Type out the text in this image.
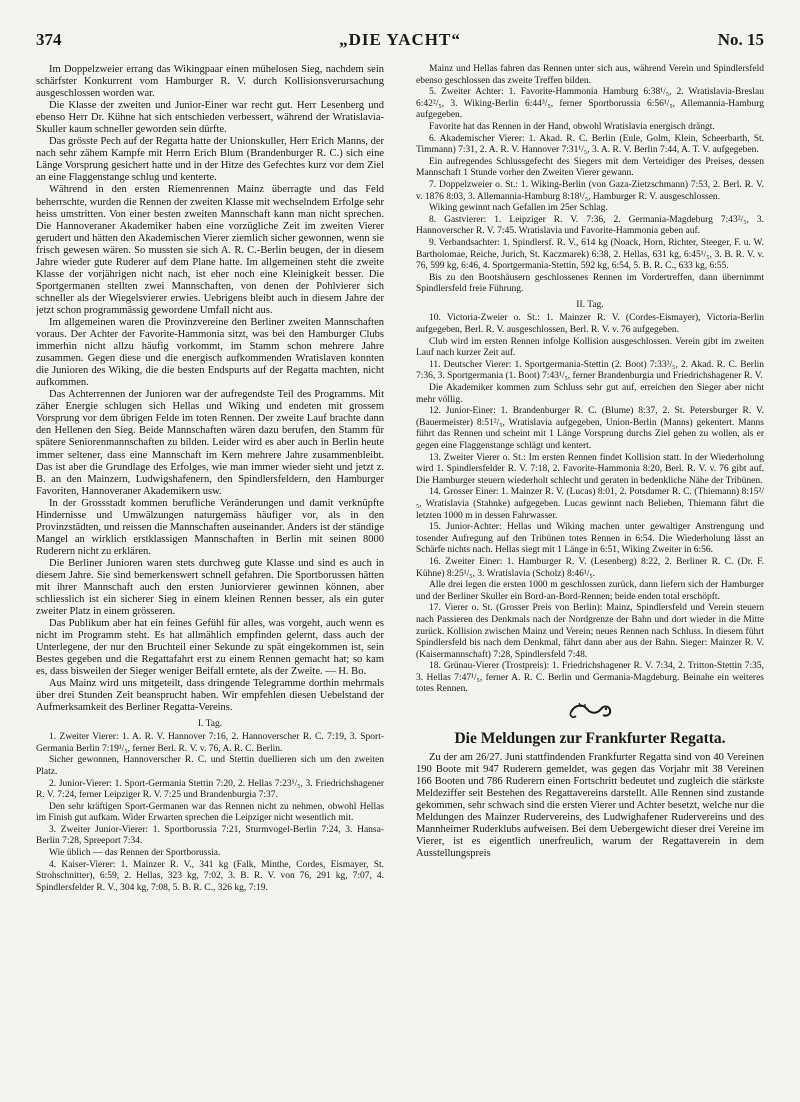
374	„DIE YACHT“	No. 15

Im Doppelzweier errang das Wikingpaar einen mühelosen Sieg, nachdem sein schärfster Konkurrent vom Hamburger R. V. durch Kollisionsverursachung ausgeschlossen worden war.

Die Klasse der zweiten und Junior-Einer war recht gut. Herr Lesenberg und ebenso Herr Dr. Kühne hat sich entschieden verbessert, während der Wratislavia-Skuller kaum schneller geworden sein dürfte.

Das grösste Pech auf der Regatta hatte der Unionskuller, Herr Erich Manns, der nach sehr zähem Kampfe mit Herrn Erich Blum (Brandenburger R. C.) sich eine Länge Vorsprung gesichert hatte und in der Hitze des Gefechtes kurz vor dem Ziel an eine Flaggenstange schlug und kenterte.

Während in den ersten Riemenrennen Mainz überragte und das Feld beherrschte, wurden die Rennen der zweiten Klasse mit wechselndem Erfolge sehr heiss umstritten. Von einer besten zweiten Mannschaft kann man nicht sprechen. Die Hannoveraner Akademiker haben eine vorzügliche Zeit im zweiten Vierer gerudert und hätten den Akademischen Vierer ziemlich sicher gewonnen, wenn sie frisch gewesen wären. So mussten sie sich A. R. C.-Berlin beugen, der in diesem Jahre wieder gute Ruderer auf dem Plane hatte. Im allgemeinen steht die zweite Klasse der vorjährigen nicht nach, ist eher noch eine Kleinigkeit besser. Die Sportgermanen stellten zwei Mannschaften, von denen der Pohlvierer sich schneller als der Wiegelsvierer erwies. Uebrigens bleibt auch in diesem Jahre der jetzt schon programmässig gewordene Umfall nicht aus.

Im allgemeinen waren die Provinzvereine den Berliner zweiten Mannschaften voraus. Der Achter der Favorite-Hammonia sitzt, was bei den Hamburger Clubs immerhin nicht allzu häufig vorkommt, im Stamm schon mehrere Jahre zusammen. Gegen diese und die energisch aufkommenden Wratislaven konnten die Junioren des Wiking, die die besten Endspurts auf der Regatta machten, nicht aufkommen.

Das Achterrennen der Junioren war der aufregendste Teil des Programms. Mit zäher Energie schlugen sich Hellas und Wiking und endeten mit grossem Vorsprung vor dem übrigen Felde im toten Rennen. Der zweite Lauf brachte dann den Hellenen den Sieg. Beide Mannschaften wären dazu berufen, den Stamm für spätere Seniorenmannschaften zu bilden. Leider wird es aber auch in Berlin heute immer seltener, dass eine Mannschaft im Kern mehrere Jahre zusammenbleibt. Das ist aber die Grundlage des Erfolges, wie man immer wieder sieht und jetzt z. B. an den Mainzern, Ludwigshafenern, den Spindlersfeldern, den Hamburger Favoriten, Hannoveraner Akademikern usw.

In der Grossstadt kommen berufliche Veränderungen und damit verknüpfte Hindernisse und Umwälzungen naturgemäss häufiger vor, als in den Provinzstädten, und reissen die Mannschaften auseinander. Anders ist der ständige Mangel an wirklich erstklassigen Mannschaften in Berlin mit seinen 8000 Ruderern nicht zu erklären.

Die Berliner Junioren waren stets durchweg gute Klasse und sind es auch in diesem Jahre. Sie sind bemerkenswert schnell gefahren. Die Sportborussen hätten mit ihrer Mannschaft auch den ersten Juniorvierer gewinnen können, aber schliesslich ist ein sicherer Sieg in einem kleinen Rennen besser, als ein guter zweiter Platz in einem grösseren.

Das Publikum aber hat ein feines Gefühl für alles, was vorgeht, auch wenn es nicht im Programm steht. Es hat allmählich empfinden gelernt, dass auch der Unterlegene, der nur den Bruchteil einer Sekunde zu spät eingekommen ist, sein Bestes gegeben und die Regattafahrt erst zu einem Rennen gemacht hat; so kam es, dass bisweilen der Sieger weniger Beifall erntete, als der Zweite. — H. Bo.

Aus Mainz wird uns mitgeteilt, dass dringende Telegramme dorthin mehrmals über drei Stunden Zeit beansprucht haben. Wir empfehlen diesen Uebelstand der Aufmerksamkeit des Berliner Regatta-Vereins.

I. Tag.

1. Zweiter Vierer: 1. A. R. V. Hannover 7:16, 2. Hannoverscher R. C. 7:19, 3. Sport-Germania Berlin 7:19¹/₅, ferner Berl. R. V. v. 76, A. R. C. Berlin.

Sicher gewonnen, Hannoverscher R. C. und Stettin duellieren sich um den zweiten Platz.

2. Junior-Vierer: 1. Sport-Germania Stettin 7:20, 2. Hellas 7:23¹/₅, 3. Friedrichshagener R. V. 7:24, ferner Leipziger R. V. 7:25 und Brandenburgia 7:37.

Den sehr kräftigen Sport-Germanen war das Rennen nicht zu nehmen, obwohl Hellas im Finish gut aufkam. Wider Erwarten sprechen die Leipziger nicht wesentlich mit.

3. Zweiter Junior-Vierer: 1. Sportborussia 7:21, Sturmvogel-Berlin 7:24, 3. Hansa-Berlin 7:28, Spreeport 7:34.

Wie üblich — das Rennen der Sportborussia.

4. Kaiser-Vierer: 1. Mainzer R. V., 341 kg (Falk, Minthe, Cordes, Eismayer, St. Strohschnitter), 6:59, 2. Hellas, 323 kg, 7:02, 3. B. R. V. von 76, 291 kg, 7:07, 4. Spindlersfelder R. V., 304 kg, 7:08, 5. B. R. C., 326 kg, 7:19.

Mainz und Hellas fahren das Rennen unter sich aus, während Verein und Spindlersfeld ebenso geschlossen das zweite Treffen bilden.

5. Zweiter Achter: 1. Favorite-Hammonia Hamburg 6:38¹/₅, 2. Wratislavia-Breslau 6:42²/₅, 3. Wiking-Berlin 6:44³/₅, ferner Sportborussia 6:56¹/₅, Allemannia-Hamburg aufgegeben.

Favorite hat das Rennen in der Hand, obwohl Wratislavia energisch drängt.

6. Akademischer Vierer: 1. Akad. R. C. Berlin (Eule, Golm, Klein, Scheerbarth, St. Timmann) 7:31, 2. A. R. V. Hannover 7:31¹/₅, 3. A. R. V. Berlin 7:44, A. T. V. aufgegeben.

Ein aufregendes Schlussgefecht des Siegers mit dem Verteidiger des Preises, dessen Mannschaft 1 Stunde vorher den Zweiten Vierer gewann.

7. Doppelzweier o. St.: 1. Wiking-Berlin (von Gaza-Zietzschmann) 7:53, 2. Berl. R. V. v. 1876 8:03, 3. Allemannia-Hamburg 8:18¹/₅, Hamburger R. V. ausgeschlossen.

Wiking gewinnt nach Gefallen im 25er Schlag.

8. Gastvierer: 1. Leipziger R. V. 7:36, 2. Germania-Magdeburg 7:43²/₅, 3. Hannoverscher R. V. 7:45. Wratislavia und Favorite-Hammonia geben auf.

9. Verbandsachter: 1. Spindlersf. R. V., 614 kg (Noack, Horn, Richter, Steeger, F. u. W. Bartholomae, Reiche, Jurich, St. Kaczmarek) 6:38, 2. Hellas, 631 kg, 6:45¹/₅, 3. B. R. V. v. 76, 599 kg, 6:46, 4. Sportgermania-Stettin, 592 kg, 6:54, 5. B. R. C., 633 kg, 6:55.

Bis zu den Bootshäusern geschlossenes Rennen im Vordertreffen, dann übernimmt Spindlersfeld freie Führung.

II. Tag.

10. Victoria-Zweier o. St.: 1. Mainzer R. V. (Cordes-Eismayer), Victoria-Berlin aufgegeben, Berl. R. V. ausgeschlossen, Berl. R. V. v. 76 aufgegeben.

Club wird im ersten Rennen infolge Kollision ausgeschlossen. Verein gibt im zweiten Lauf nach kurzer Zeit auf.

11. Deutscher Vierer: 1. Sportgermania-Stettin (2. Boot) 7:33³/₅, 2. Akad. R. C. Berlin 7:36, 3. Sportgermania (1. Boot) 7:43¹/₅, ferner Brandenburgia und Friedrichshagener R. V.

Die Akademiker kommen zum Schluss sehr gut auf, erreichen den Sieger aber nicht mehr völlig.

12. Junior-Einer: 1. Brandenburger R. C. (Blume) 8:37, 2. St. Petersburger R. V. (Bauermeister) 8:51²/₅, Wratislavia aufgegeben, Union-Berlin (Manns) gekentert. Manns führt das Rennen und scheint mit 1 Länge Vorsprung durchs Ziel gehen zu wollen, als er gegen eine Flaggenstange schlägt und kentert.

13. Zweiter Vierer o. St.: Im ersten Rennen findet Kollision statt. In der Wiederholung wird 1. Spindlersfelder R. V. 7:18, 2. Favorite-Hammonia 8:20, Berl. R. V. v. 76 gibt auf. Die Hamburger steuern wiederholt schlecht und geraten in bedenkliche Nähe der Tribünen.

14. Grosser Einer: 1. Mainzer R. V. (Lucas) 8:01, 2. Potsdamer R. C. (Thiemann) 8:15²/₅, Wratislavia (Stahnke) aufgegeben. Lucas gewinnt nach Belieben, Thiemann fährt die letzten 1000 m in dessen Fahrwasser.

15. Junior-Achter: Hellas und Wiking machen unter gewaltiger Anstrengung und tosender Aufregung auf den Tribünen totes Rennen in 6:54. Die Wiederholung lässt an Schärfe nichts nach. Hellas siegt mit 1 Länge in 6:51, Wiking Zweiter in 6:56.

16. Zweiter Einer: 1. Hamburger R. V. (Lesenberg) 8:22, 2. Berliner R. C. (Dr. F. Kühne) 8:25¹/₅, 3. Wratislavia (Scholz) 8:46¹/₅.

Alle drei legen die ersten 1000 m geschlossen zurück, dann liefern sich der Hamburger und der Berliner Skuller ein Bord-an-Bord-Rennen; beide enden total erschöpft.

17. Vierer o. St. (Grosser Preis von Berlin): Mainz, Spindlersfeld und Verein steuern nach Passieren des Denkmals nach der Nordgrenze der Bahn und dort wieder in die Mitte zurück. Kollision zwischen Mainz und Verein; neues Rennen nach Schluss. In diesem führt Spindlersfeld bis nach dem Denkmal, fährt dann aber aus der Bahn. Sieger: Mainzer R. V. (Kaisermannschaft) 7:28, Spindlersfeld 7:48.

18. Grünau-Vierer (Trostpreis): 1. Friedrichshagener R. V. 7:34, 2. Tritton-Stettin 7:35, 3. Hellas 7:47¹/₅, ferner A. R. C. Berlin und Germania-Magdeburg. Beinahe ein weiteres totes Rennen.

Die Meldungen zur Frankfurter Regatta.

Zu der am 26/27. Juni stattfindenden Frankfurter Regatta sind von 40 Vereinen 190 Boote mit 947 Ruderern gemeldet, was gegen das Vorjahr mit 38 Vereinen 166 Booten und 786 Ruderern einen Fortschritt bedeutet und zugleich die stärkste Meldeziffer seit Bestehen des Regattavereins darstellt. Alle Rennen sind zustande gekommen, sehr schwach sind die ersten Vierer und Achter besetzt, welche nur die Meldungen des Mainzer Rudervereins, des Ludwighafener Rudervereins und des Mannheimer Ruderklubs aufweisen. Bei dem Uebergewicht dieser drei Vereine im Vierer, ist es eigentlich unerfreulich, warum der Regattaverein in dem Ausstellungspreis
